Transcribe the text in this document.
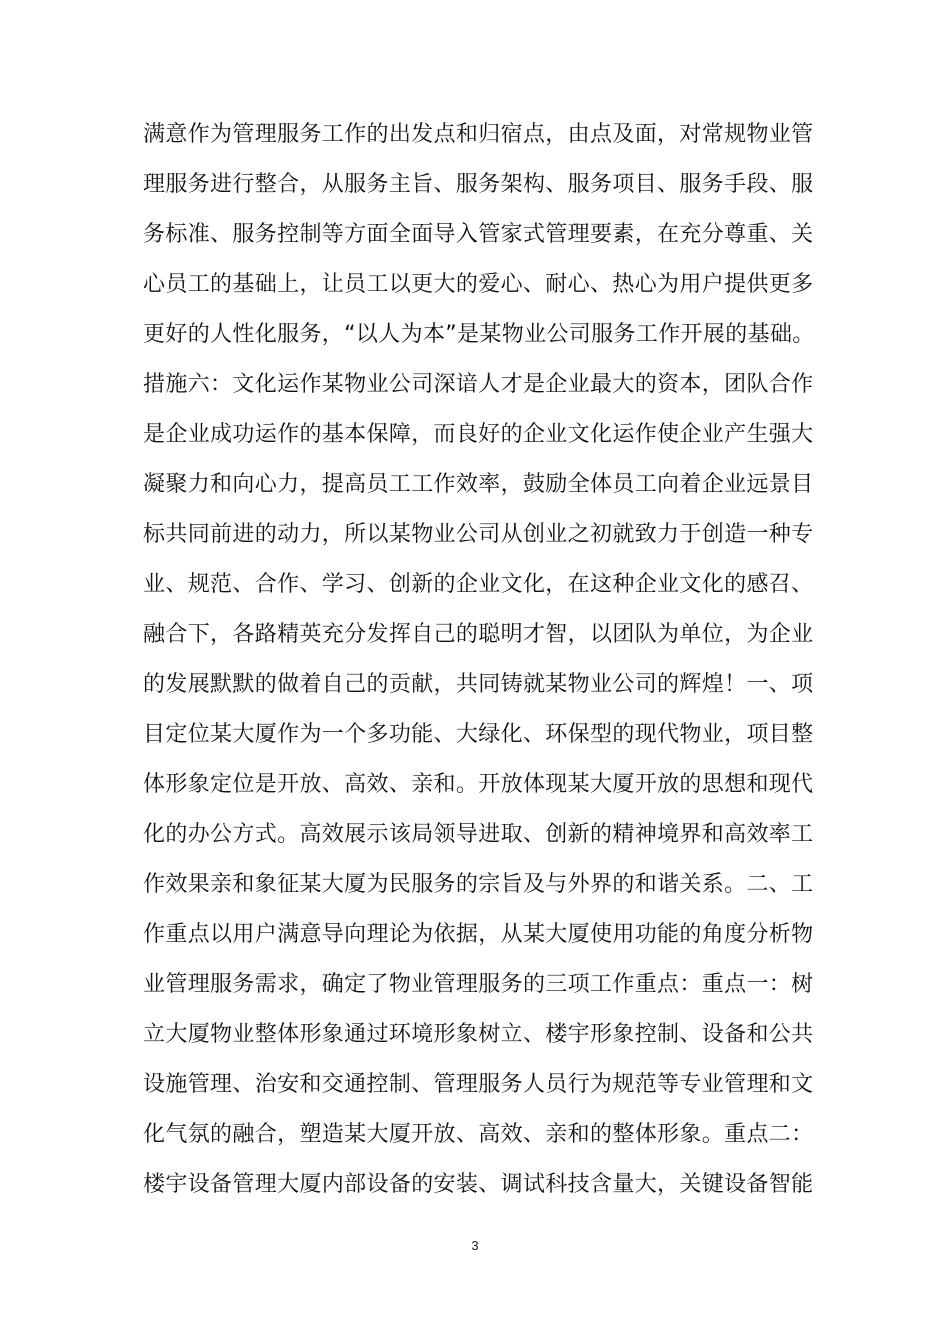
满意作为管理服务工作的出发点和归宿点，由点及面，对常规物业管
理服务进行整合，从服务主旨、服务架构、服务项目、服务手段、服
务标准、服务控制等方面全面导入管家式管理要素，在充分尊重、关
心员工的基础上，让员工以更大的爱心、耐心、热心为用户提供更多
更好的人性化服务，“以人为本”是某物业公司服务工作开展的基础。
措施六：文化运作某物业公司深谙人才是企业最大的资本，团队合作
是企业成功运作的基本保障，而良好的企业文化运作使企业产生强大
凝聚力和向心力，提高员工工作效率，鼓励全体员工向着企业远景目
标共同前进的动力，所以某物业公司从创业之初就致力于创造一种专
业、规范、合作、学习、创新的企业文化，在这种企业文化的感召、
融合下，各路精英充分发挥自己的聪明才智，以团队为单位，为企业
的发展默默的做着自己的贡献，共同铸就某物业公司的辉煌！一、项
目定位某大厦作为一个多功能、大绿化、环保型的现代物业，项目整
体形象定位是开放、高效、亲和。开放体现某大厦开放的思想和现代
化的办公方式。高效展示该局领导进取、创新的精神境界和高效率工
作效果亲和象征某大厦为民服务的宗旨及与外界的和谐关系。二、工
作重点以用户满意导向理论为依据，从某大厦使用功能的角度分析物
业管理服务需求，确定了物业管理服务的三项工作重点：重点一：树
立大厦物业整体形象通过环境形象树立、楼宇形象控制、设备和公共
设施管理、治安和交通控制、管理服务人员行为规范等专业管理和文
化气氛的融合，塑造某大厦开放、高效、亲和的整体形象。重点二：
楼宇设备管理大厦内部设备的安装、调试科技含量大，关键设备智能
3
